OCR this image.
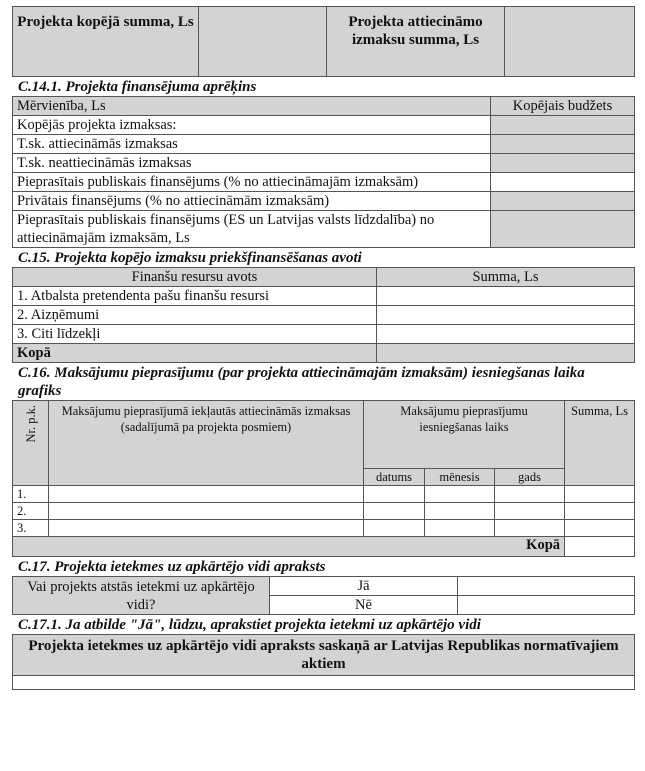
Projekta kopējā summa, Ls		Projekta attiecināmo izmaksu summa, Ls	
C.14.1. Projekta finansējuma aprēķins
Mērvienība, Ls	Kopējais budžets
Kopējās projekta izmaksas:	
T.sk. attiecināmās izmaksas	
T.sk. neattiecināmās izmaksas	
Pieprasītais publiskais finansējums (% no attiecināmajām izmaksām)	
Privātais finansējums (% no attiecināmām izmaksām)	
Pieprasītais publiskais finansējums (ES un Latvijas valsts līdzdalība) no attiecināmajām izmaksām, Ls	
C.15. Projekta kopējo izmaksu priekšfinansēšanas avoti
Finanšu resursu avots	Summa, Ls
1. Atbalsta pretendenta pašu finanšu resursi	
2. Aizņēmumi	
3. Citi līdzekļi	
Kopā	
C.16. Maksājumu pieprasījumu (par projekta attiecināmajām izmaksām) iesniegšanas laika grafiks
Nr. p.k.	Maksājumu pieprasījumā iekļautās attiecināmās izmaksas (sadalījumā pa projekta posmiem)	Maksājumu pieprasījumu iesniegšanas laiks			Summa, Ls
		datums	mēnesis	gads	
1.					
2.					
3.					
Kopā					
C.17. Projekta ietekmes uz apkārtējo vidi apraksts
Vai projekts atstās ietekmi uz apkārtējo vidi?	Jā	
	Nē	
C.17.1. Ja atbilde "Jā", lūdzu, aprakstiet projekta ietekmi uz apkārtējo vidi
Projekta ietekmes uz apkārtējo vidi apraksts saskaņā ar Latvijas Republikas normatīvajiem aktiem
